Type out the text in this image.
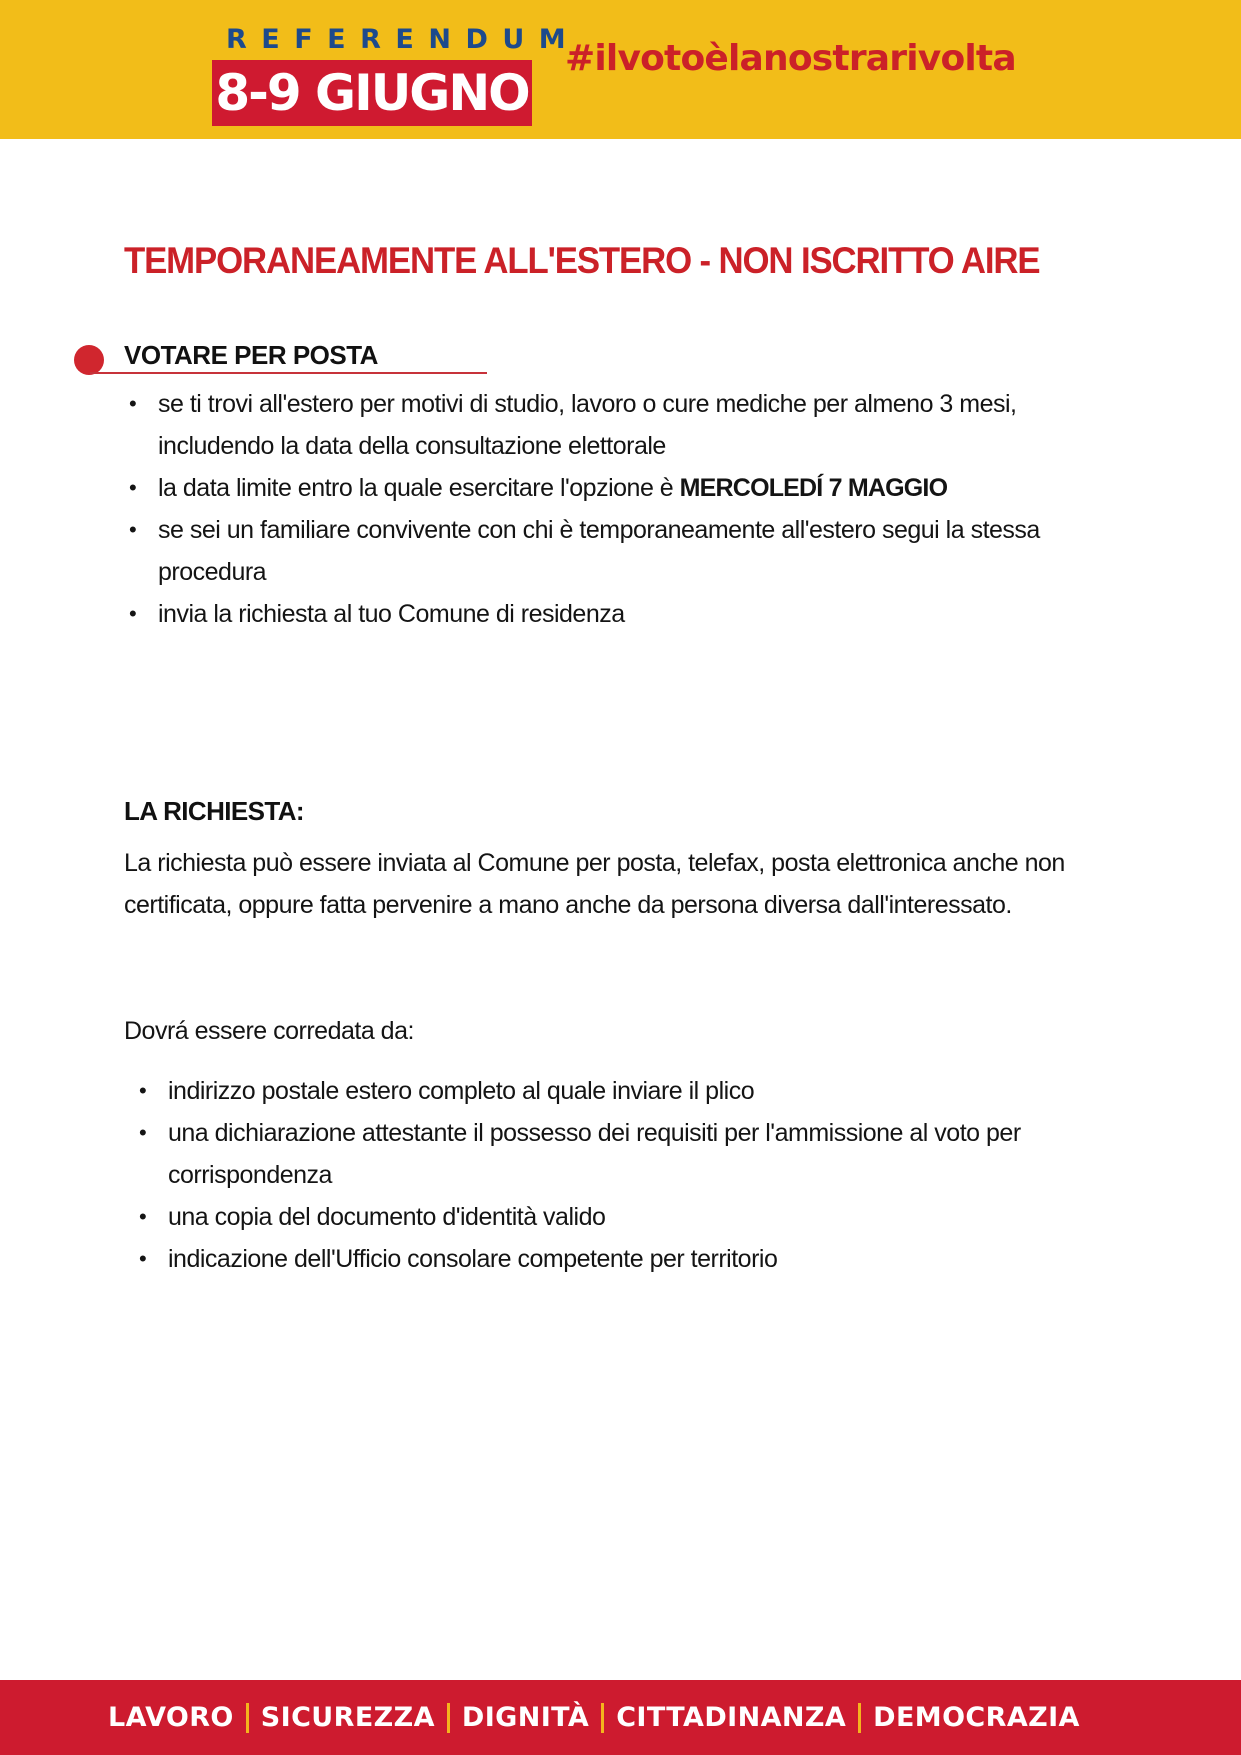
REFERENDUM
8-9 GIUGNO
#ilvotoèlanostrarivolta
TEMPORANEAMENTE ALL'ESTERO - NON ISCRITTO AIRE
VOTARE PER POSTA
• se ti trovi all'estero per motivi di studio, lavoro o cure mediche per almeno 3 mesi, includendo la data della consultazione elettorale
• la data limite entro la quale esercitare l'opzione è MERCOLEDÍ 7 MAGGIO
• se sei un familiare convivente con chi è temporaneamente all'estero segui la stessa procedura
• invia la richiesta al tuo Comune di residenza
LA RICHIESTA:
La richiesta può essere inviata al Comune per posta, telefax, posta elettronica anche non certificata, oppure fatta pervenire a mano anche da persona diversa dall'interessato.
Dovrá essere corredata da:
• indirizzo postale estero completo al quale inviare il plico
• una dichiarazione attestante il possesso dei requisiti per l'ammissione al voto per corrispondenza
• una copia del documento d'identità valido
• indicazione dell'Ufficio consolare competente per territorio
LAVORO SICUREZZA DIGNITÀ CITTADINANZA DEMOCRAZIA
